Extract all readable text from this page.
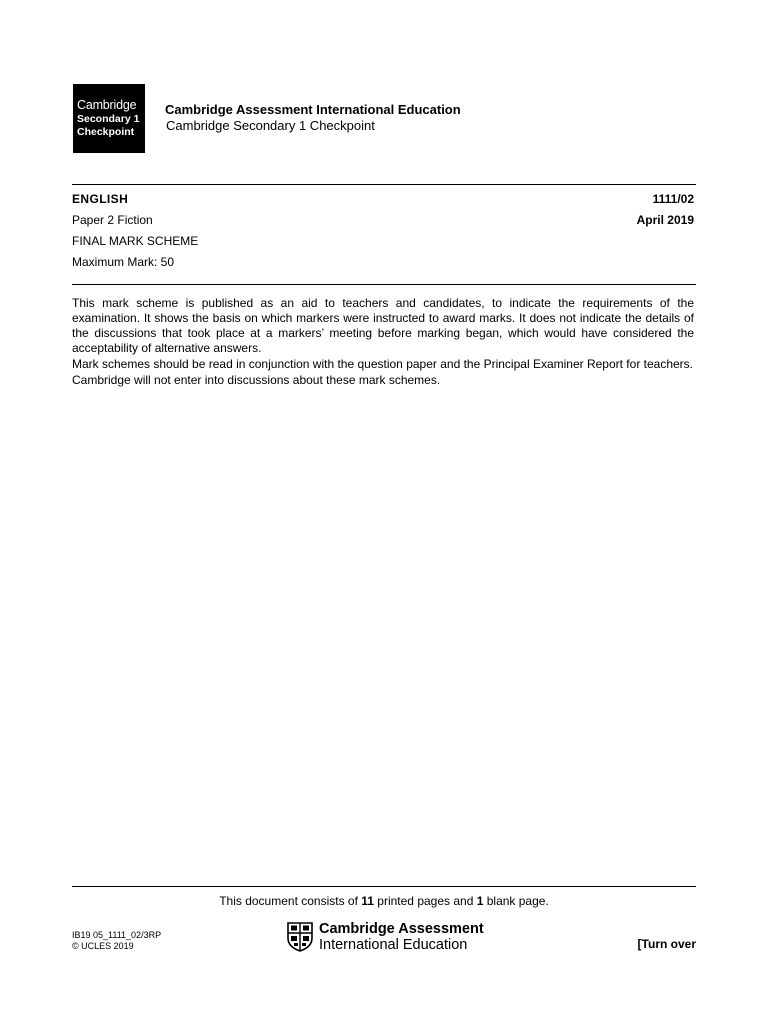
Cambridge
Secondary 1
Checkpoint
Cambridge Assessment International Education
Cambridge Secondary 1 Checkpoint
ENGLISH	1111/02
Paper 2 Fiction	April 2019
FINAL MARK SCHEME
Maximum Mark: 50

This mark scheme is published as an aid to teachers and candidates, to indicate the requirements of the examination. It shows the basis on which markers were instructed to award marks. It does not indicate the details of the discussions that took place at a markers’ meeting before marking began, which would have considered the acceptability of alternative answers.

Mark schemes should be read in conjunction with the question paper and the Principal Examiner Report for teachers.

Cambridge will not enter into discussions about these mark schemes.

This document consists of 11 printed pages and 1 blank page.
IB19 05_1111_02/3RP
© UCLES 2019
Cambridge Assessment
International Education	[Turn over
